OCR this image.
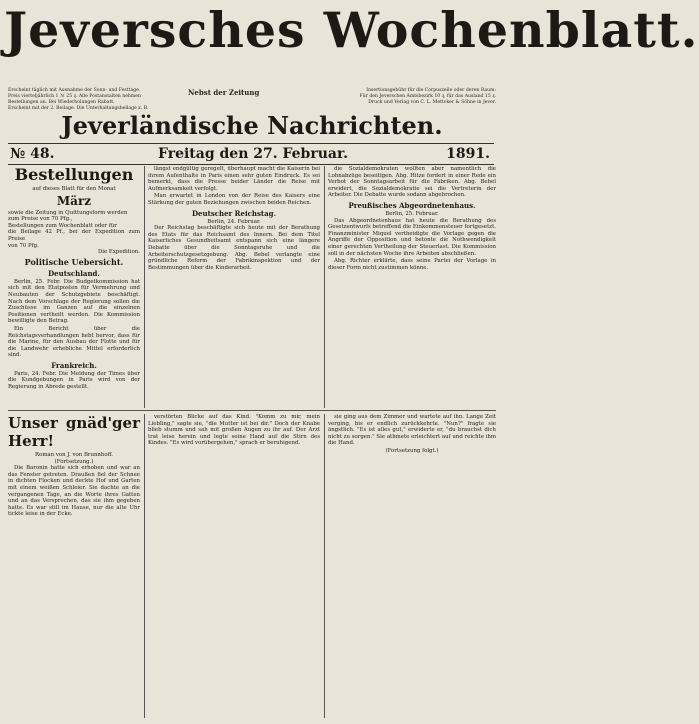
Jeversches Wochenblatt.
Erscheint täglich mit Ausnahme der Sonn- und Festtage.
Preis vierteljährlich 1 ℳ 25 ₰. Alle Postanstalten nehmen
Bestellungen an. Bei Wiederholungen Rabatt.
Erscheint mit der 2. Beilage: Die Unterhaltungsbeilage z. B.
Nebst der Zeitung	Insertionsgebühr für die Corpuszeile oder deren Raum:
Für den Jeverschen Amtsbezirk 10 ₰, für das Ausland 15 ₰.
Druck und Verlag von C. L. Mettcker & Söhne in Jever.
Jeverländische Nachrichten.
№ 48.	Freitag den 27. Februar.	1891.
Bestellungen
auf dieses Blatt für den Monat
März
sowie die Zeitung in Quittungsform werden
zum Preise von 70 Pfg.,
Bestellungen zum Wochenblatt oder für
die Beilage 42 Pf., bei der Expedition zum Preise
von 70 Pfg.
Die Expedition.
Politische Uebersicht.
Deutschland.

Berlin, 25. Febr. Die Budgetkommission hat sich mit den Etatposten für Vermehrung und Neubauten der Schutzgebiete beschäftigt. Nach dem Vorschlage der Regierung sollen die Zuschüsse im Ganzen auf die einzelnen Positionen vertheilt werden. Die Kommission bewilligte den Betrag.

Ein Bericht über die Reichstagsverhandlungen hebt hervor, dass für die Marine, für den Ausbau der Flotte und für die Landwehr erhebliche Mittel erforderlich sind.

Frankreich.

Paris, 24. Febr. Die Meldung der Times über die Kundgebungen in Paris wird von der Regierung in Abrede gestellt.

längst endgültig geregelt, überhaupt macht die Kaiserin bei ihrem Aufenthalte in Paris einen sehr guten Eindruck. Es sei bemerkt, dass die Presse beider Länder die Reise mit Aufmerksamkeit verfolgt.

Man erwartet in London von der Reise des Kaisers eine Stärkung der guten Beziehungen zwischen beiden Reichen.

Deutscher Reichstag.
Berlin, 24. Februar.

Der Reichstag beschäftigte sich heute mit der Berathung des Etats für das Reichsamt des Innern. Bei dem Titel Kaiserliches Gesundheitsamt entspann sich eine längere Debatte über die Sonntagsruhe und die Arbeiterschutzgesetzgebung. Abg. Bebel verlangte eine gründliche Reform der Fabrikinspektion und der Bestimmungen über die Kinderarbeit.

die Sozialdemokraten wollten aber namentlich die Lohnabzüge beseitigen. Abg. Hitze fordert in einer Rede ein Verbot der Sonntagsarbeit für die Fabriken. Abg. Bebel erwidert, die Sozialdemokratie sei die Vertreterin der Arbeiter. Die Debatte wurde sodann abgebrochen.

Preußisches Abgeordnetenhaus.
Berlin, 25. Februar.

Das Abgeordnetenhaus hat heute die Berathung des Gesetzentwurfs betreffend die Einkommensteuer fortgesetzt. Finanzminister Miquel vertheidigte die Vorlage gegen die Angriffe der Opposition und betonte die Nothwendigkeit einer gerechten Vertheilung der Steuerlast. Die Kommission soll in der nächsten Woche ihre Arbeiten abschließen.

Abg. Richter erklärte, dass seine Partei der Vorlage in dieser Form nicht zustimmen könne.

Unser gnäd'ger Herr!
Roman von J. von Brunnhoff.
(Fortsetzung.)

Die Baronin hatte sich erhoben und war an das Fenster getreten. Draußen fiel der Schnee in dichten Flocken und deckte Hof und Garten mit einem weißen Schleier. Sie dachte an die vergangenen Tage, an die Worte ihres Gatten und an das Versprechen, das sie ihm gegeben hatte. Es war still im Hause, nur die alte Uhr tickte leise in der Ecke.

verstörten Blicke auf das Kind. "Komm zu mir, mein Liebling," sagte sie, "die Mutter ist bei dir." Doch der Knabe blieb stumm und sah mit großen Augen zu ihr auf. Der Arzt trat leise herein und legte seine Hand auf die Stirn des Kindes. "Es wird vorübergehen," sprach er beruhigend.

sie ging aus dem Zimmer und wartete auf ihn. Lange Zeit verging, bis er endlich zurückkehrte. "Nun?" fragte sie ängstlich. "Es ist alles gut," erwiderte er, "du brauchst dich nicht zu sorgen." Sie athmete erleichtert auf und reichte ihm die Hand.

(Fortsetzung folgt.)
